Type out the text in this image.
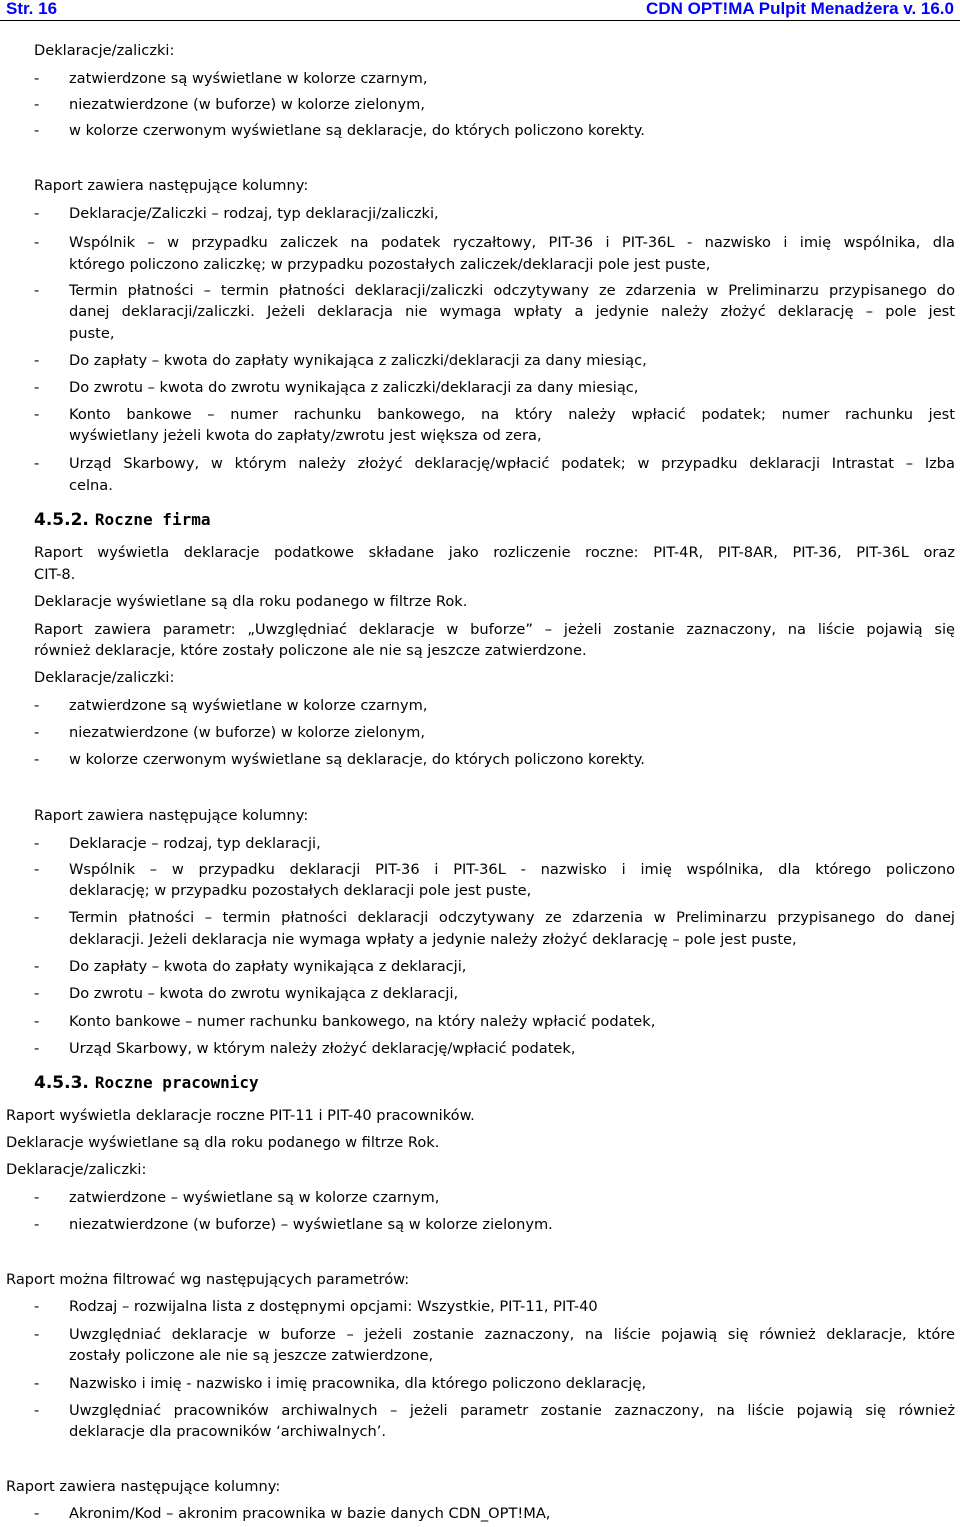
Str. 16	CDN OPT!MA Pulpit Menadżera v. 16.0
Deklaracje/zaliczki:
- zatwierdzone są wyświetlane w kolorze czarnym,
- niezatwierdzone (w buforze) w kolorze zielonym,
- w kolorze czerwonym wyświetlane są deklaracje, do których policzono korekty.
Raport zawiera następujące kolumny:
- Deklaracje/Zaliczki – rodzaj, typ deklaracji/zaliczki,
- Wspólnik – w przypadku zaliczek na podatek ryczałtowy, PIT-36 i PIT-36L - nazwisko i imię wspólnika, dla
którego policzono zaliczkę; w przypadku pozostałych zaliczek/deklaracji pole jest puste,
- Termin płatności – termin płatności deklaracji/zaliczki odczytywany ze zdarzenia w Preliminarzu przypisanego do
danej deklaracji/zaliczki. Jeżeli deklaracja nie wymaga wpłaty a jedynie należy złożyć deklarację – pole jest
puste,
- Do zapłaty – kwota do zapłaty wynikająca z zaliczki/deklaracji za dany miesiąc,
- Do zwrotu – kwota do zwrotu wynikająca z zaliczki/deklaracji za dany miesiąc,
- Konto bankowe – numer rachunku bankowego, na który należy wpłacić podatek; numer rachunku jest
wyświetlany jeżeli kwota do zapłaty/zwrotu jest większa od zera,
- Urząd Skarbowy, w którym należy złożyć deklarację/wpłacić podatek; w przypadku deklaracji Intrastat – Izba
celna.
4.5.2. Roczne firma
Raport wyświetla deklaracje podatkowe składane jako rozliczenie roczne: PIT-4R, PIT-8AR, PIT-36, PIT-36L oraz
CIT-8.
Deklaracje wyświetlane są dla roku podanego w filtrze Rok.
Raport zawiera parametr: „Uwzględniać deklaracje w buforze” – jeżeli zostanie zaznaczony, na liście pojawią się
również deklaracje, które zostały policzone ale nie są jeszcze zatwierdzone.
Deklaracje/zaliczki:
- zatwierdzone są wyświetlane w kolorze czarnym,
- niezatwierdzone (w buforze) w kolorze zielonym,
- w kolorze czerwonym wyświetlane są deklaracje, do których policzono korekty.
Raport zawiera następujące kolumny:
- Deklaracje – rodzaj, typ deklaracji,
- Wspólnik – w przypadku deklaracji PIT-36 i PIT-36L - nazwisko i imię wspólnika, dla którego policzono
deklarację; w przypadku pozostałych deklaracji pole jest puste,
- Termin płatności – termin płatności deklaracji odczytywany ze zdarzenia w Preliminarzu przypisanego do danej
deklaracji. Jeżeli deklaracja nie wymaga wpłaty a jedynie należy złożyć deklarację – pole jest puste,
- Do zapłaty – kwota do zapłaty wynikająca z deklaracji,
- Do zwrotu – kwota do zwrotu wynikająca z deklaracji,
- Konto bankowe – numer rachunku bankowego, na który należy wpłacić podatek,
- Urząd Skarbowy, w którym należy złożyć deklarację/wpłacić podatek,
4.5.3. Roczne pracownicy
Raport wyświetla deklaracje roczne PIT-11 i PIT-40 pracowników.
Deklaracje wyświetlane są dla roku podanego w filtrze Rok.
Deklaracje/zaliczki:
- zatwierdzone – wyświetlane są w kolorze czarnym,
- niezatwierdzone (w buforze) – wyświetlane są w kolorze zielonym.
Raport można filtrować wg następujących parametrów:
- Rodzaj – rozwijalna lista z dostępnymi opcjami: Wszystkie, PIT-11, PIT-40
- Uwzględniać deklaracje w buforze – jeżeli zostanie zaznaczony, na liście pojawią się również deklaracje, które
zostały policzone ale nie są jeszcze zatwierdzone,
- Nazwisko i imię - nazwisko i imię pracownika, dla którego policzono deklarację,
- Uwzględniać pracowników archiwalnych – jeżeli parametr zostanie zaznaczony, na liście pojawią się również
deklaracje dla pracowników ‘archiwalnych’.
Raport zawiera następujące kolumny:
- Akronim/Kod – akronim pracownika w bazie danych CDN_OPT!MA,
